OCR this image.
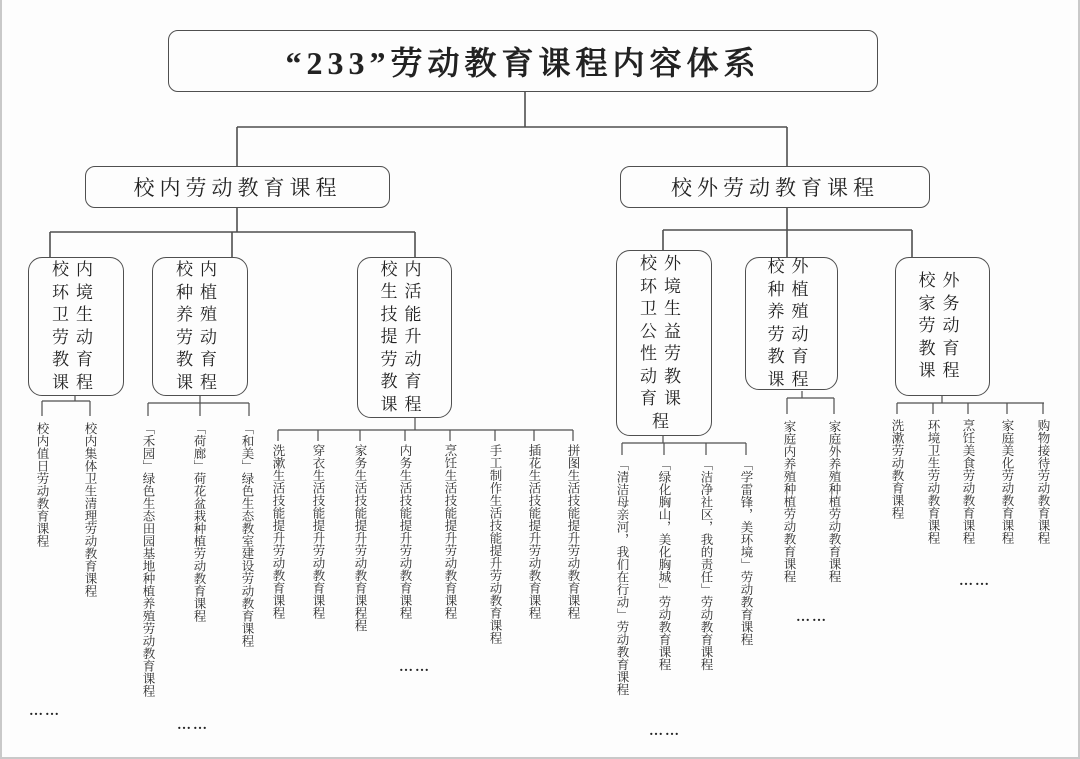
“233”劳动教育课程内容体系
校内劳动教育课程	校外劳动教育课程
校内环境卫生劳动教育课程
校内种植养殖劳动教育课程
校内生活技能提升劳动教育课程
校外环境卫生公益性劳动教育课程
校外种植养殖劳动教育课程
校外家务劳动教育课程
校内值日劳动教育课程	校内集体卫生清理劳动教育课程
……
「禾园」绿色生态田园基地种植养殖劳动教育课程	「荷廊」荷花盆栽种植劳动教育课程	「和美」绿色生态教室建设劳动教育课程
……
洗漱生活技能提升劳动教育课程 穿衣生活技能提升劳动教育课程 家务生活技能提升劳动教育课程程 内务生活技能提升劳动教育课程 烹饪生活技能提升劳动教育课程 手工制作生活技能提升劳动教育课程 插花生活技能提升劳动教育课程 拼图生活技能提升劳动教育课程
……	「清洁母亲河，我们在行动」劳动教育课程 「绿化胸山，美化胸城」劳动教育课程 「洁净社区，我的责任」劳动教育课程 「学雷锋，美环境」劳动教育课程
……
家庭内养殖种植劳动教育课程 家庭外养殖种植劳动教育课程
……
洗漱劳动教育课程 环境卫生劳动教育课程 烹饪美食劳动教育课程 家庭美化劳动教育课程 购物接待劳动教育课程
……
